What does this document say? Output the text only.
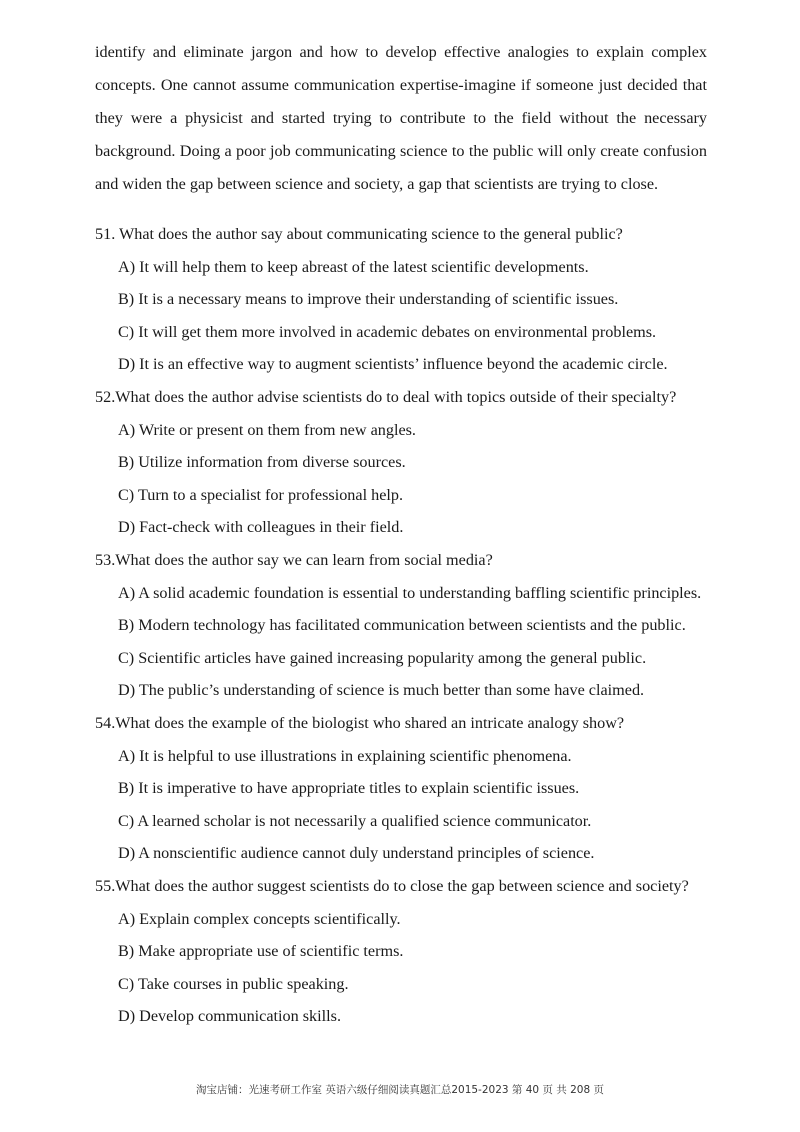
identify and eliminate jargon and how to develop effective analogies to explain complex concepts. One cannot assume communication expertise-imagine if someone just decided that they were a physicist and started trying to contribute to the field without the necessary background. Doing a poor job communicating science to the public will only create confusion and widen the gap between science and society, a gap that scientists are trying to close.

51. What does the author say about communicating science to the general public?
A) It will help them to keep abreast of the latest scientific developments.
B) It is a necessary means to improve their understanding of scientific issues.
C) It will get them more involved in academic debates on environmental problems.
D) It is an effective way to augment scientists’ influence beyond the academic circle.
52.What does the author advise scientists do to deal with topics outside of their specialty?
A) Write or present on them from new angles.
B) Utilize information from diverse sources.
C) Turn to a specialist for professional help.
D) Fact-check with colleagues in their field.
53.What does the author say we can learn from social media?
A) A solid academic foundation is essential to understanding baffling scientific principles.
B) Modern technology has facilitated communication between scientists and the public.
C) Scientific articles have gained increasing popularity among the general public.
D) The public’s understanding of science is much better than some have claimed.
54.What does the example of the biologist who shared an intricate analogy show?
A) It is helpful to use illustrations in explaining scientific phenomena.
B) It is imperative to have appropriate titles to explain scientific issues.
C) A learned scholar is not necessarily a qualified science communicator.
D) A nonscientific audience cannot duly understand principles of science.
55.What does the author suggest scientists do to close the gap between science and society?
A) Explain complex concepts scientifically.
B) Make appropriate use of scientific terms.
C) Take courses in public speaking.
D) Develop communication skills.
淘宝店铺：光速考研工作室 英语六级仔细阅读真题汇总2015-2023 第 40 页 共 208 页
